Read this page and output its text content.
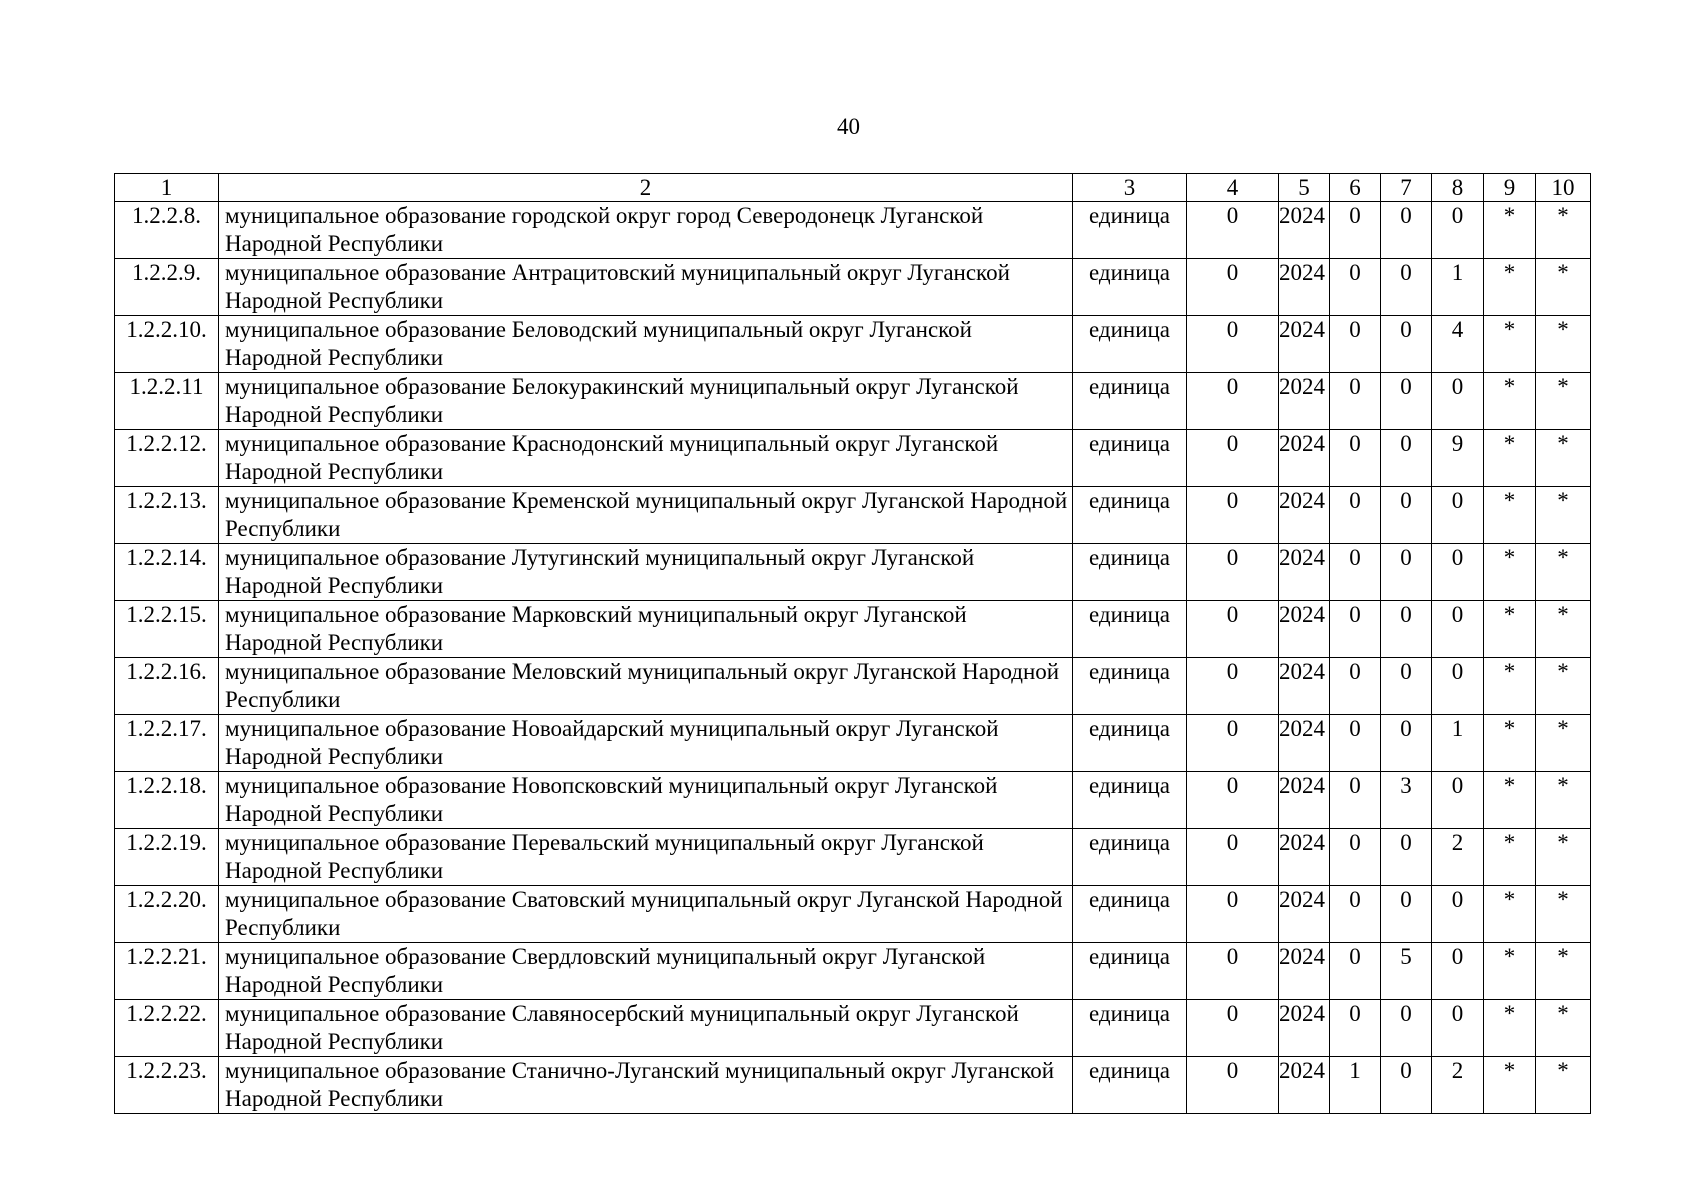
40
1	2	3	4	5	6	7	8	9	10
1.2.2.8.	муниципальное образование городской округ город Северодонецк Луганской Народной Республики	единица	0	2024	0	0	0	*	*
1.2.2.9.	муниципальное образование Антрацитовский муниципальный округ Луганской Народной Республики	единица	0	2024	0	0	1	*	*
1.2.2.10.	муниципальное образование Беловодский муниципальный округ Луганской Народной Республики	единица	0	2024	0	0	4	*	*
1.2.2.11	муниципальное образование Белокуракинский муниципальный округ Луганской Народной Республики	единица	0	2024	0	0	0	*	*
1.2.2.12.	муниципальное образование Краснодонский муниципальный округ Луганской Народной Республики	единица	0	2024	0	0	9	*	*
1.2.2.13.	муниципальное образование Кременской муниципальный округ Луганской Народной Республики	единица	0	2024	0	0	0	*	*
1.2.2.14.	муниципальное образование Лутугинский муниципальный округ Луганской Народной Республики	единица	0	2024	0	0	0	*	*
1.2.2.15.	муниципальное образование Марковский муниципальный округ Луганской Народной Республики	единица	0	2024	0	0	0	*	*
1.2.2.16.	муниципальное образование Меловский муниципальный округ Луганской Народной Республики	единица	0	2024	0	0	0	*	*
1.2.2.17.	муниципальное образование Новоайдарский муниципальный округ Луганской Народной Республики	единица	0	2024	0	0	1	*	*
1.2.2.18.	муниципальное образование Новопсковский муниципальный округ Луганской Народной Республики	единица	0	2024	0	3	0	*	*
1.2.2.19.	муниципальное образование Перевальский муниципальный округ Луганской Народной Республики	единица	0	2024	0	0	2	*	*
1.2.2.20.	муниципальное образование Сватовский муниципальный округ Луганской Народной Республики	единица	0	2024	0	0	0	*	*
1.2.2.21.	муниципальное образование Свердловский муниципальный округ Луганской Народной Республики	единица	0	2024	0	5	0	*	*
1.2.2.22.	муниципальное образование Славяносербский муниципальный округ Луганской Народной Республики	единица	0	2024	0	0	0	*	*
1.2.2.23.	муниципальное образование Станично-Луганский муниципальный округ Луганской Народной Республики	единица	0	2024	1	0	2	*	*
